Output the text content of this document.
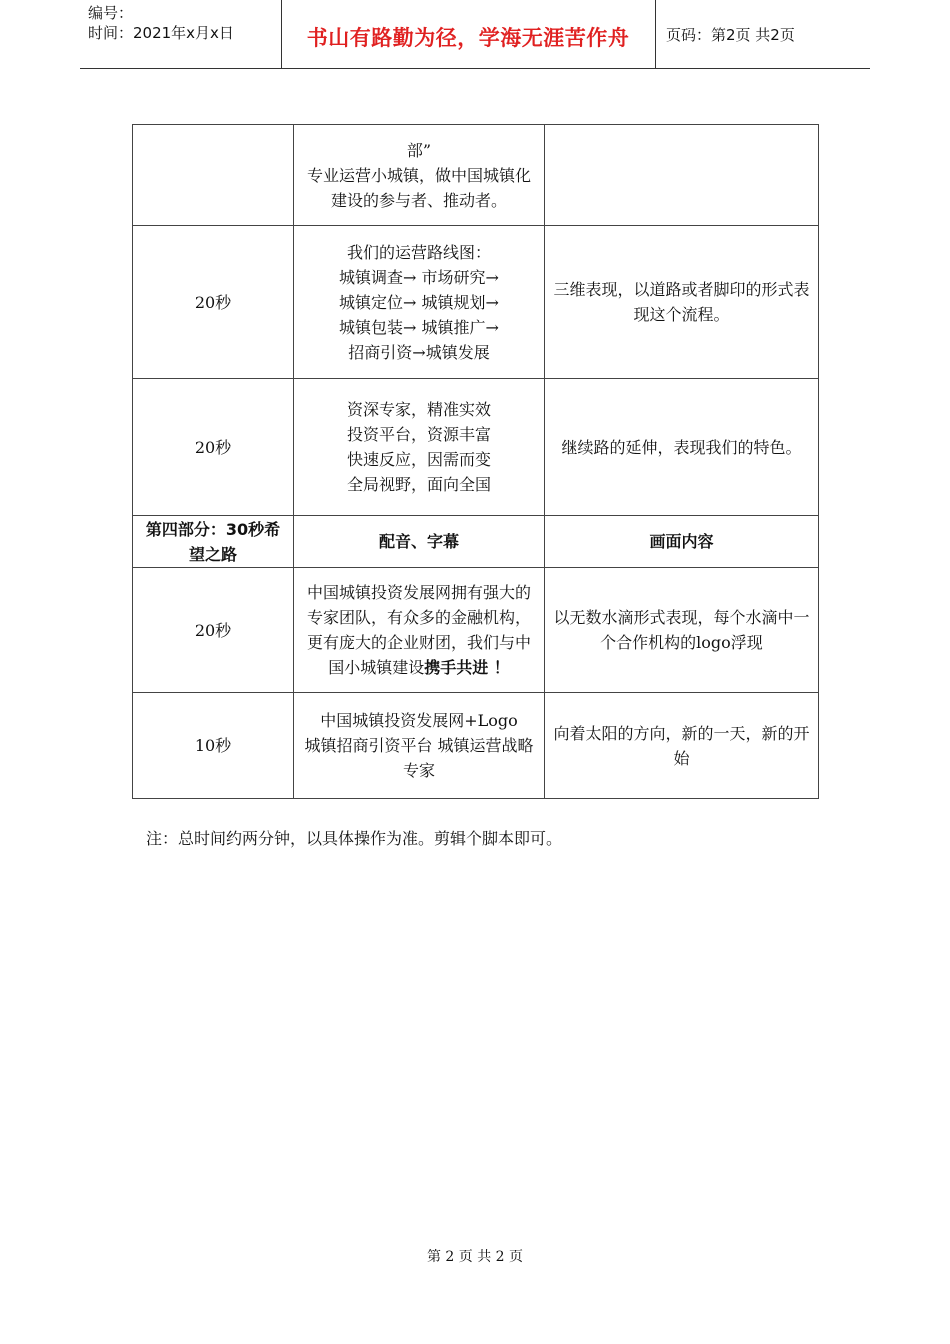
编号：
时间：2021年x月x日	书山有路勤为径，学海无涯苦作舟	页码：第2页 共2页
	部”
专业运营小城镇，做中国城镇化建设的参与者、推动者。	
20秒	我们的运营路线图：
城镇调查→ 市场研究→
城镇定位→ 城镇规划→
城镇包装→ 城镇推广→
招商引资→城镇发展	三维表现，以道路或者脚印的形式表现这个流程。
20秒	资深专家，精准实效
投资平台，资源丰富
快速反应，因需而变
全局视野，面向全国	继续路的延伸，表现我们的特色。
第四部分：30秒希望之路	配音、字幕	画面内容
20秒	中国城镇投资发展网拥有强大的专家团队，有众多的金融机构，更有庞大的企业财团，我们与中国小城镇建设携手共进 ！	以无数水滴形式表现，每个水滴中一个合作机构的logo浮现
10秒	中国城镇投资发展网+Logo
城镇招商引资平台 城镇运营战略专家	向着太阳的方向，新的一天，新的开始
注：总时间约两分钟，以具体操作为准。剪辑个脚本即可。
第 2 页 共 2 页
